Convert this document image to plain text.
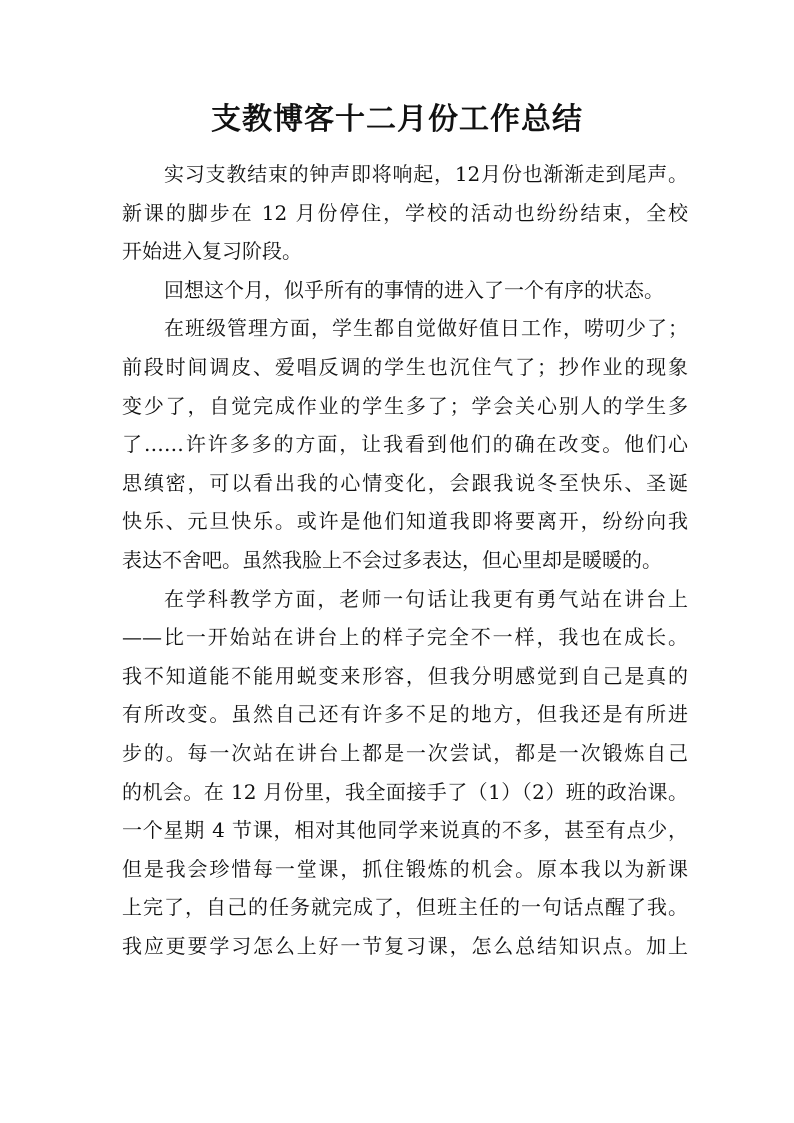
支教博客十二月份工作总结
实习支教结束的钟声即将响起，12月份也渐渐走到尾声。
新课的脚步在 12 月份停住，学校的活动也纷纷结束，全校
开始进入复习阶段。
回想这个月，似乎所有的事情的进入了一个有序的状态。
在班级管理方面，学生都自觉做好值日工作，唠叨少了；
前段时间调皮、爱唱反调的学生也沉住气了；抄作业的现象
变少了，自觉完成作业的学生多了；学会关心别人的学生多
了……许许多多的方面，让我看到他们的确在改变。他们心
思缜密，可以看出我的心情变化，会跟我说冬至快乐、圣诞
快乐、元旦快乐。或许是他们知道我即将要离开，纷纷向我
表达不舍吧。虽然我脸上不会过多表达，但心里却是暖暖的。
在学科教学方面，老师一句话让我更有勇气站在讲台上
——比一开始站在讲台上的样子完全不一样，我也在成长。
我不知道能不能用蜕变来形容，但我分明感觉到自己是真的
有所改变。虽然自己还有许多不足的地方，但我还是有所进
步的。每一次站在讲台上都是一次尝试，都是一次锻炼自己
的机会。在 12 月份里，我全面接手了（1）（2）班的政治课。
一个星期 4 节课，相对其他同学来说真的不多，甚至有点少，
但是我会珍惜每一堂课，抓住锻炼的机会。原本我以为新课
上完了，自己的任务就完成了，但班主任的一句话点醒了我。
我应更要学习怎么上好一节复习课，怎么总结知识点。加上
